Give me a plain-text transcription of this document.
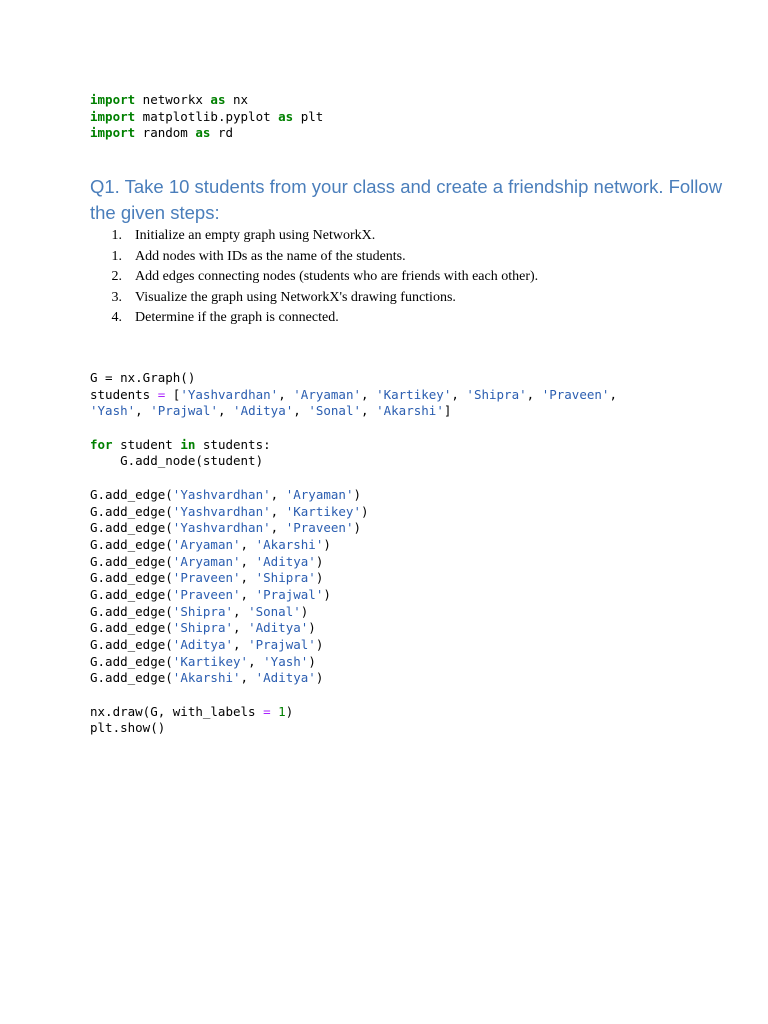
import networkx as nx
import matplotlib.pyplot as plt
import random as rd
Q1. Take 10 students from your class and create a friendship network. Follow the given steps:
1. Initialize an empty graph using NetworkX.
1. Add nodes with IDs as the name of the students.
2. Add edges connecting nodes (students who are friends with each other).
3. Visualize the graph using NetworkX's drawing functions.
4. Determine if the graph is connected.
G = nx.Graph()
students = ['Yashvardhan', 'Aryaman', 'Kartikey', 'Shipra', 'Praveen',
'Yash', 'Prajwal', 'Aditya', 'Sonal', 'Akarshi']

for student in students:
G.add_node(student)

G.add_edge('Yashvardhan', 'Aryaman')
G.add_edge('Yashvardhan', 'Kartikey')
G.add_edge('Yashvardhan', 'Praveen')
G.add_edge('Aryaman', 'Akarshi')
G.add_edge('Aryaman', 'Aditya')
G.add_edge('Praveen', 'Shipra')
G.add_edge('Praveen', 'Prajwal')
G.add_edge('Shipra', 'Sonal')
G.add_edge('Shipra', 'Aditya')
G.add_edge('Aditya', 'Prajwal')
G.add_edge('Kartikey', 'Yash')
G.add_edge('Akarshi', 'Aditya')

nx.draw(G, with_labels = 1)
plt.show()
